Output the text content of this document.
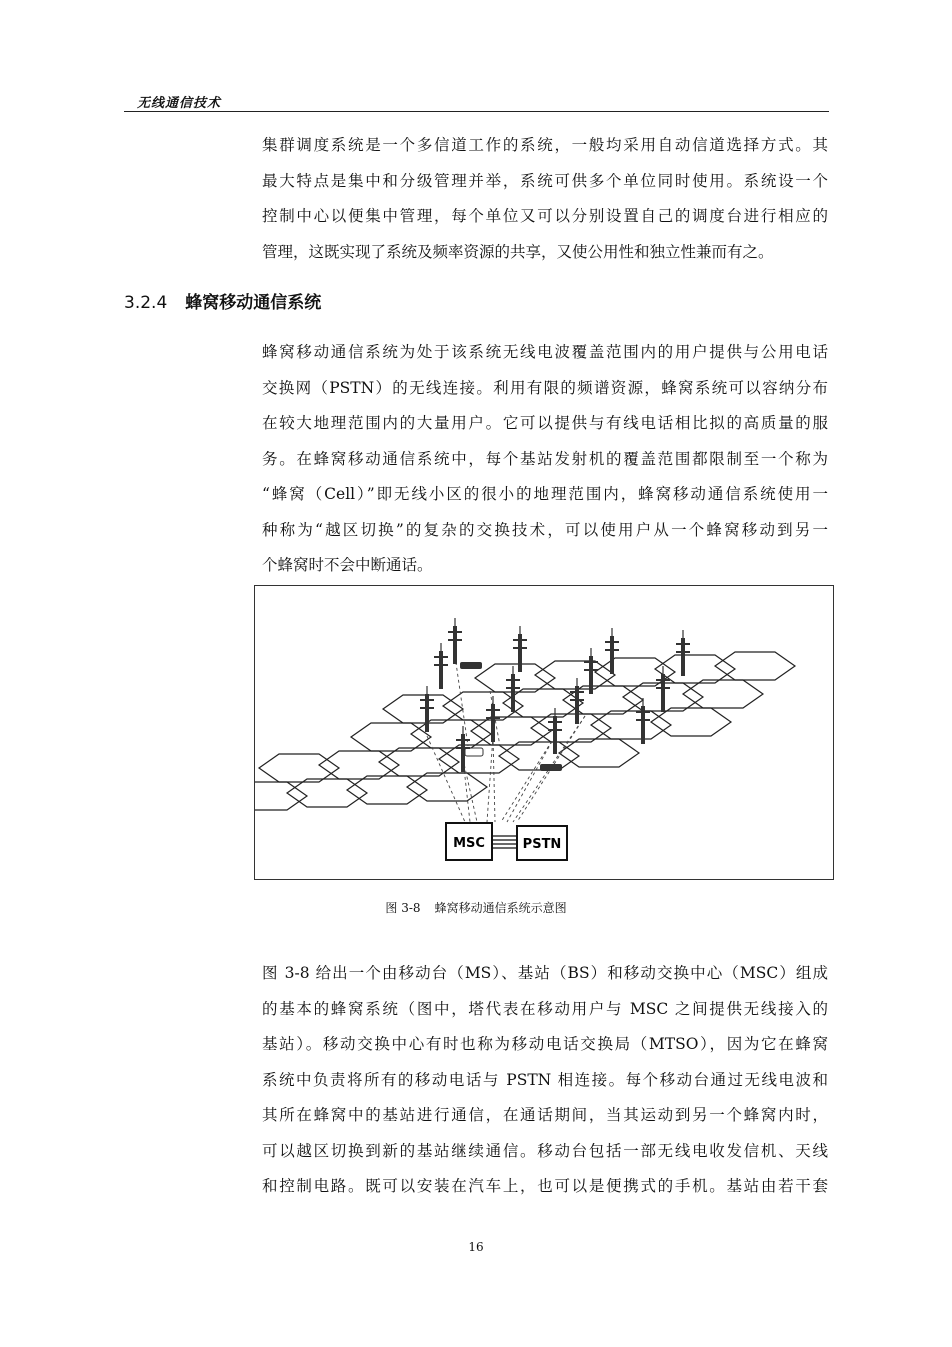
无线通信技术
集群调度系统是一个多信道工作的系统，一般均采用自动信道选择方式。其
最大特点是集中和分级管理并举，系统可供多个单位同时使用。系统设一个
控制中心以便集中管理，每个单位又可以分别设置自己的调度台进行相应的
管理，这既实现了系统及频率资源的共享，又使公用性和独立性兼而有之。
3.2.4 蜂窝移动通信系统
蜂窝移动通信系统为处于该系统无线电波覆盖范围内的用户提供与公用电话
交换网（PSTN）的无线连接。利用有限的频谱资源，蜂窝系统可以容纳分布
在较大地理范围内的大量用户。它可以提供与有线电话相比拟的高质量的服
务。在蜂窝移动通信系统中，每个基站发射机的覆盖范围都限制至一个称为
“蜂窝（Cell）”即无线小区的很小的地理范围内，蜂窝移动通信系统使用一
种称为“越区切换”的复杂的交换技术，可以使用户从一个蜂窝移动到另一
个蜂窝时不会中断通话。
MSC	PSTN
图 3-8 蜂窝移动通信系统示意图
图 3-8 给出一个由移动台（MS）、基站（BS）和移动交换中心（MSC）组成
的基本的蜂窝系统（图中，塔代表在移动用户与 MSC 之间提供无线接入的
基站）。移动交换中心有时也称为移动电话交换局（MTSO），因为它在蜂窝
系统中负责将所有的移动电话与 PSTN 相连接。每个移动台通过无线电波和
其所在蜂窝中的基站进行通信，在通话期间，当其运动到另一个蜂窝内时，
可以越区切换到新的基站继续通信。移动台包括一部无线电收发信机、天线
和控制电路。既可以安装在汽车上，也可以是便携式的手机。基站由若干套
16
